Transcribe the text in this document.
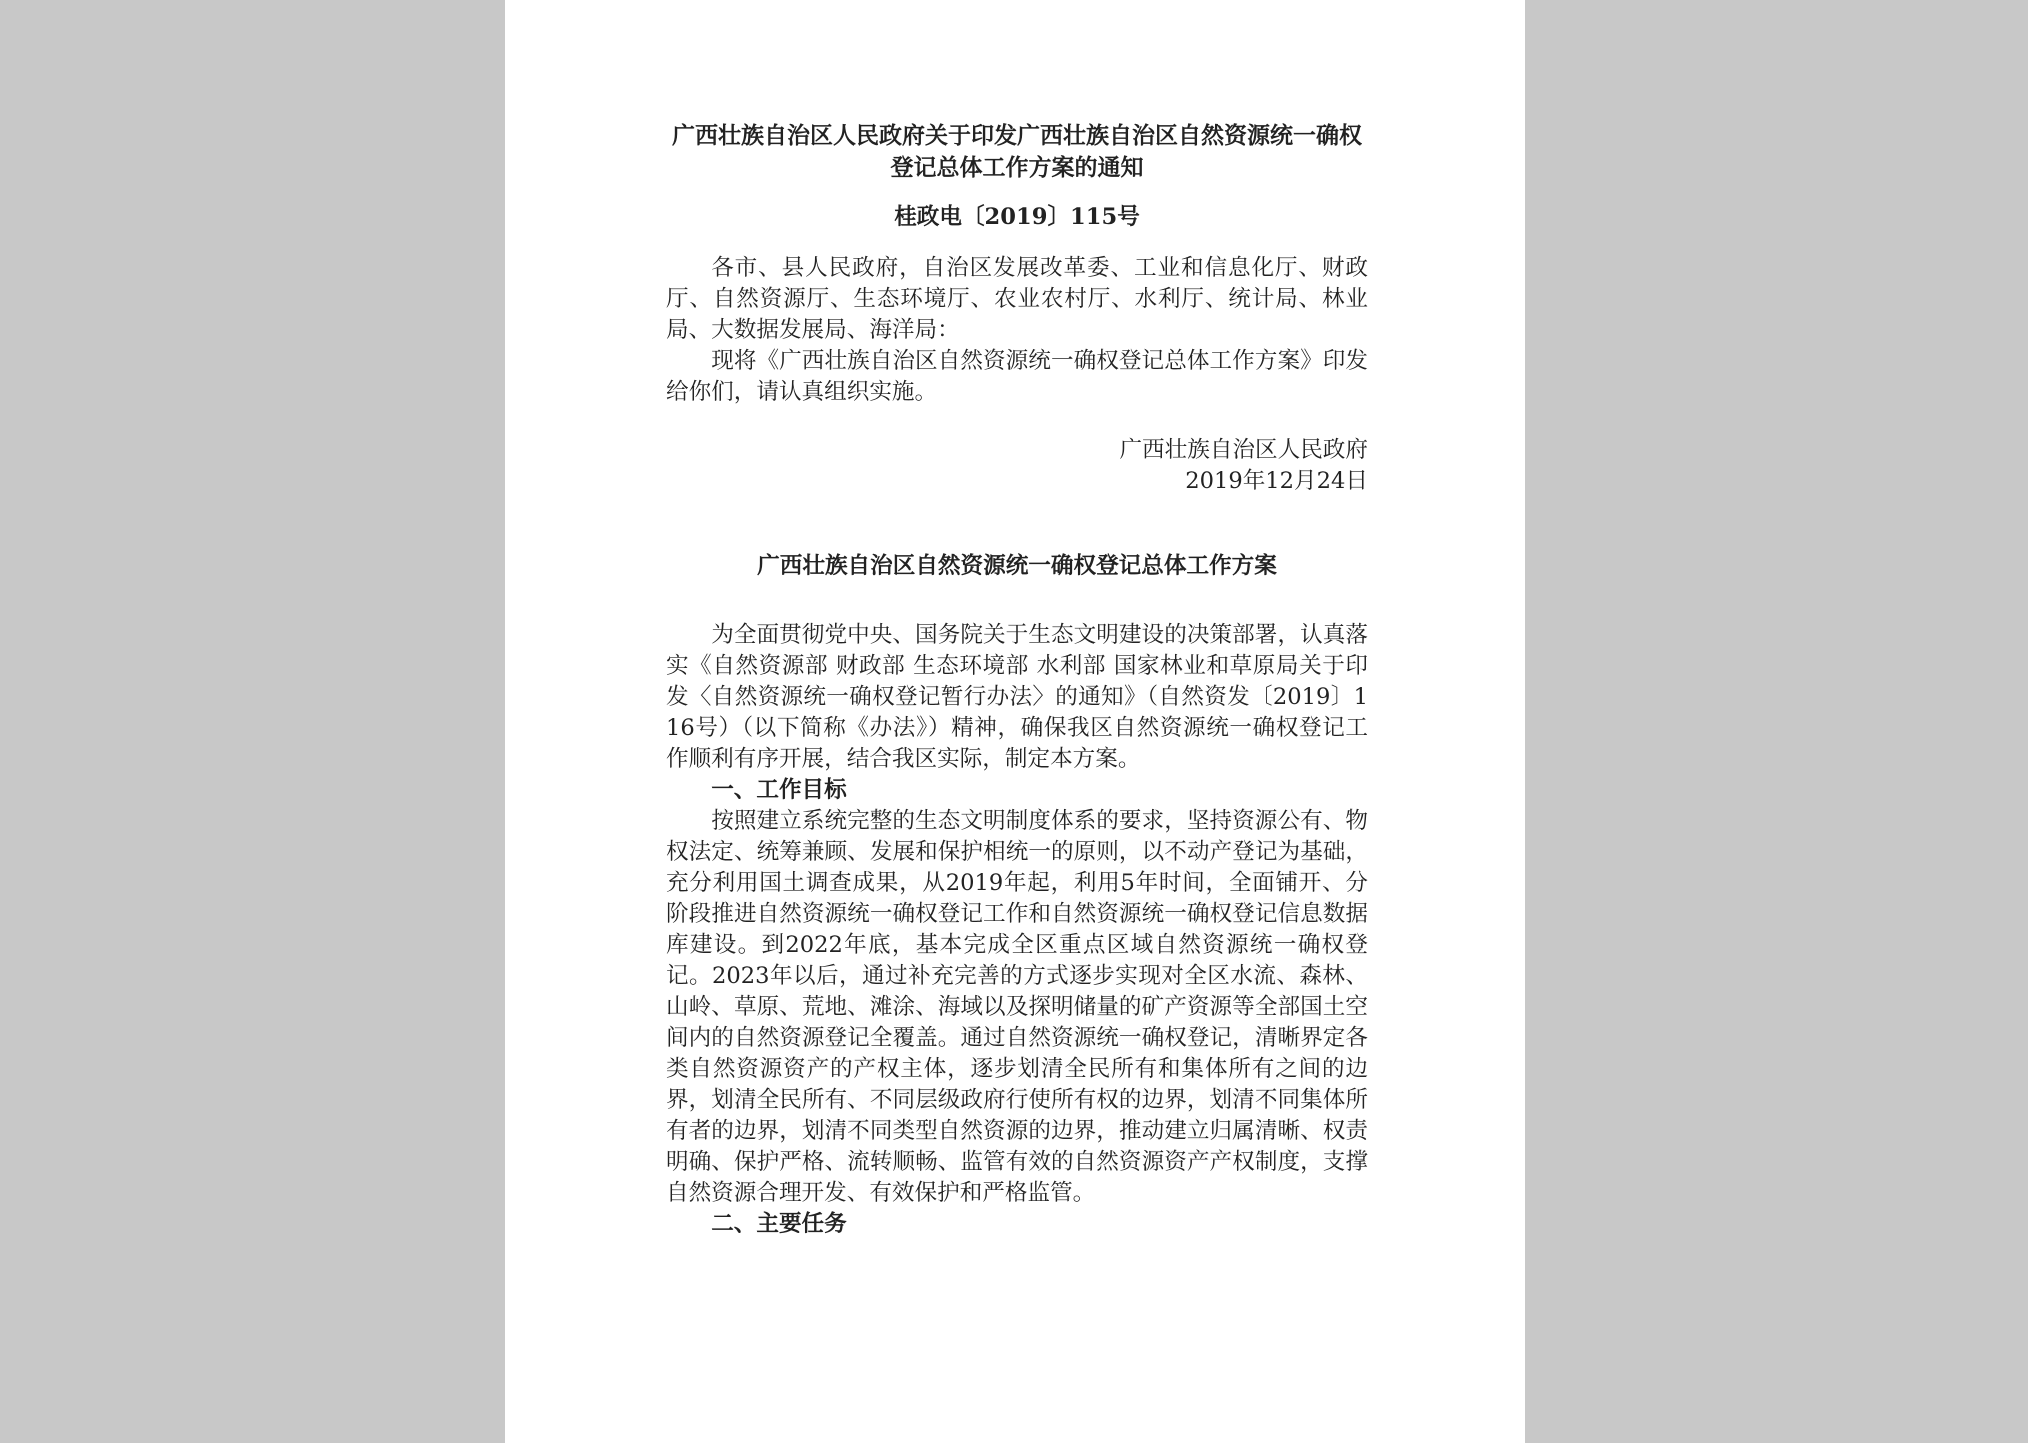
广西壮族自治区人民政府关于印发广西壮族自治区自然资源统一确权登记总体工作方案的通知
桂政电〔2019〕115号

各市、县人民政府，自治区发展改革委、工业和信息化厅、财政厅、自然资源厅、生态环境厅、农业农村厅、水利厅、统计局、林业局、大数据发展局、海洋局：

现将《广西壮族自治区自然资源统一确权登记总体工作方案》印发给你们，请认真组织实施。

广西壮族自治区人民政府
2019年12月24日
广西壮族自治区自然资源统一确权登记总体工作方案

为全面贯彻党中央、国务院关于生态文明建设的决策部署，认真落实《自然资源部 财政部 生态环境部 水利部 国家林业和草原局关于印发〈自然资源统一确权登记暂行办法〉的通知》（自然资发〔2019〕116号）（以下简称《办法》）精神，确保我区自然资源统一确权登记工作顺利有序开展，结合我区实际，制定本方案。

一、工作目标

按照建立系统完整的生态文明制度体系的要求，坚持资源公有、物权法定、统筹兼顾、发展和保护相统一的原则，以不动产登记为基础，充分利用国土调查成果，从2019年起，利用5年时间，全面铺开、分阶段推进自然资源统一确权登记工作和自然资源统一确权登记信息数据库建设。到2022年底，基本完成全区重点区域自然资源统一确权登记。2023年以后，通过补充完善的方式逐步实现对全区水流、森林、山岭、草原、荒地、滩涂、海域以及探明储量的矿产资源等全部国土空间内的自然资源登记全覆盖。通过自然资源统一确权登记，清晰界定各类自然资源资产的产权主体，逐步划清全民所有和集体所有之间的边界，划清全民所有、不同层级政府行使所有权的边界，划清不同集体所有者的边界，划清不同类型自然资源的边界，推动建立归属清晰、权责明确、保护严格、流转顺畅、监管有效的自然资源资产产权制度，支撑自然资源合理开发、有效保护和严格监管。

二、主要任务
